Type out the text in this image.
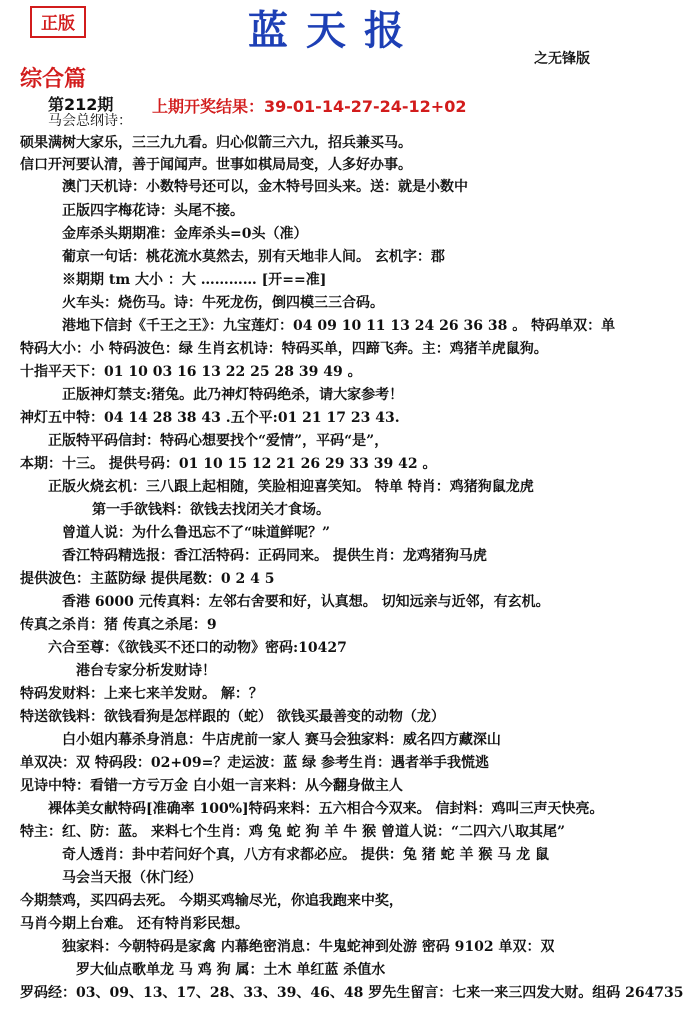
正版	蓝天报
之无锋版
综合篇
第212期 上期开奖结果：39-01-14-27-24-12+02
马会总纲诗：
硕果满树大家乐，三三九九看。归心似箭三六九，招兵兼买马。
信口开河要认清，善于闻闻声。世事如棋局局变，人多好办事。
澳门天机诗：小数特号还可以，金木特号回头来。送：就是小数中
正版四字梅花诗：头尾不接。
金库杀头期期准：金库杀头=0头（准）
葡京一句话：桃花流水莫然去，别有天地非人间。 玄机字：郡
※期期 tm 大小 ：大 ………… [开==准]
火车头：烧伤马。诗：牛死龙伤，倒四模三三合码。
港地下信封《千王之王》：九宝莲灯：04 09 10 11 13 24 26 36 38 。 特码单双：单
特码大小：小 特码波色：绿 生肖玄机诗：特码买单，四蹄飞奔。主：鸡猪羊虎鼠狗。
十指平天下：01 10 03 16 13 22 25 28 39 49 。
正版神灯禁支:猪兔。此乃神灯特码绝杀，请大家参考！
神灯五中特：04 14 28 38 43 .五个平:01 21 17 23 43.
正版特平码信封：特码心想要找个“爱情”，平码“是”，
本期：十三。 提供号码：01 10 15 12 21 26 29 33 39 42 。
正版火烧玄机：三八跟上起相随，笑脸相迎喜笑知。 特单 特肖：鸡猪狗鼠龙虎
第一手欲钱料：欲钱去找闭关才食场。
曾道人说：为什么鲁迅忘不了“味道鲜呢？”
香江特码精选报：香江活特码：正码同来。 提供生肖：龙鸡猪狗马虎
提供波色：主蓝防绿 提供尾数：0 2 4 5
香港 6000 元传真料：左邻右舍要和好，认真想。 切知远亲与近邻，有玄机。
传真之杀肖：猪 传真之杀尾：9
六合至尊：《欲钱买不还口的动物》密码:10427
港台专家分析发财诗！
特码发财料：上来七来羊发财。 解：？
特送欲钱料：欲钱看狗是怎样跟的（蛇） 欲钱买最善变的动物（龙）
白小姐内幕杀身消息：牛店虎前一家人 赛马会独家料：威名四方藏深山
单双决：双 特码段：02+09=？走运波：蓝 绿 参考生肖：遇者举手我慌逃
见诗中特：看错一方亏万金 白小姐一言来料：从今翻身做主人
裸体美女献特码[准确率 100%]特码来料：五六相合今双来。 信封料：鸡叫三声天快亮。
特主：红、防：蓝。 来料七个生肖：鸡 兔 蛇 狗 羊 牛 猴 曾道人说：“二四六八取其尾”
奇人透肖：卦中若问好个真，八方有求都必应。 提供：兔 猪 蛇 羊 猴 马 龙 鼠
马会当天报（休门经）
今期禁鸡，买四码去死。 今期买鸡输尽光，你追我跑来中奖，
马肖今期上台难。 还有特肖彩民想。
独家料：今朝特码是家禽 内幕绝密消息：牛鬼蛇神到处游 密码 9102 单双：双
罗大仙点歌单龙 马 鸡 狗 属：土木 单红蓝 杀值水
罗码经：03、09、13、17、28、33、39、46、48 罗先生留言：七来一来三四发大财。组码 264735
